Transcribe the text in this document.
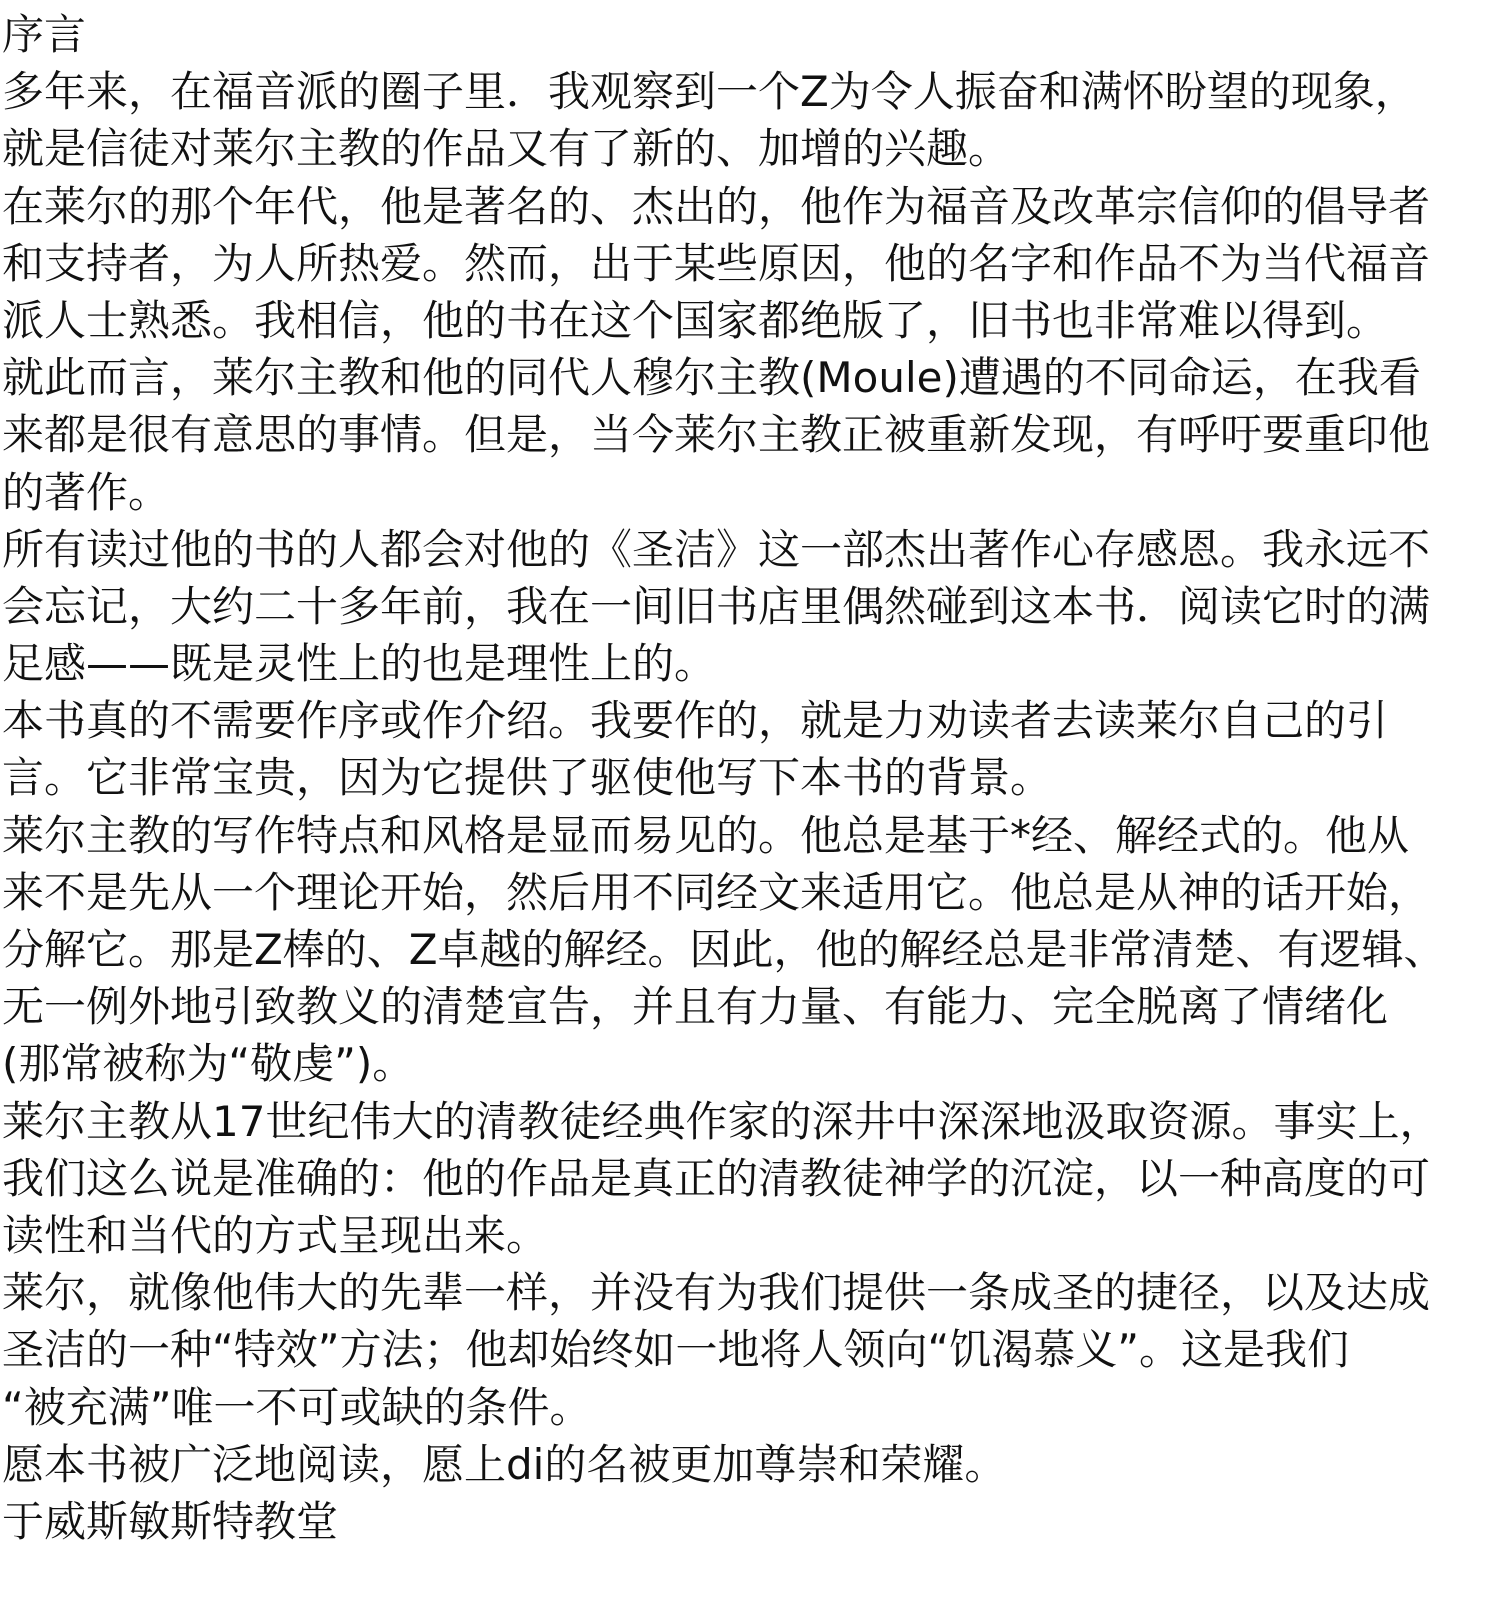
序言
多年来，在福音派的圈子里．我观察到一个Z为令人振奋和满怀盼望的现象，
就是信徒对莱尔主教的作品又有了新的、加增的兴趣。
在莱尔的那个年代，他是著名的、杰出的，他作为福音及改革宗信仰的倡导者
和支持者，为人所热爱。然而，出于某些原因，他的名字和作品不为当代福音
派人士熟悉。我相信，他的书在这个国家都绝版了，旧书也非常难以得到。
就此而言，莱尔主教和他的同代人穆尔主教(Moule)遭遇的不同命运，在我看
来都是很有意思的事情。但是，当今莱尔主教正被重新发现，有呼吁要重印他
的著作。
所有读过他的书的人都会对他的《圣洁》这一部杰出著作心存感恩。我永远不
会忘记，大约二十多年前，我在一间旧书店里偶然碰到这本书．阅读它时的满
足感——既是灵性上的也是理性上的。
本书真的不需要作序或作介绍。我要作的，就是力劝读者去读莱尔自己的引
言。它非常宝贵，因为它提供了驱使他写下本书的背景。
莱尔主教的写作特点和风格是显而易见的。他总是基于*经、解经式的。他从
来不是先从一个理论开始，然后用不同经文来适用它。他总是从神的话开始，
分解它。那是Z棒的、Z卓越的解经。因此，他的解经总是非常清楚、有逻辑、
无一例外地引致教义的清楚宣告，并且有力量、有能力、完全脱离了情绪化
(那常被称为“敬虔”)。
莱尔主教从17世纪伟大的清教徒经典作家的深井中深深地汲取资源。事实上，
我们这么说是准确的：他的作品是真正的清教徒神学的沉淀，以一种高度的可
读性和当代的方式呈现出来。
莱尔，就像他伟大的先辈一样，并没有为我们提供一条成圣的捷径，以及达成
圣洁的一种“特效”方法；他却始终如一地将人领向“饥渴慕义”。这是我们
“被充满”唯一不可或缺的条件。
愿本书被广泛地阅读，愿上di的名被更加尊崇和荣耀。
于威斯敏斯特教堂
